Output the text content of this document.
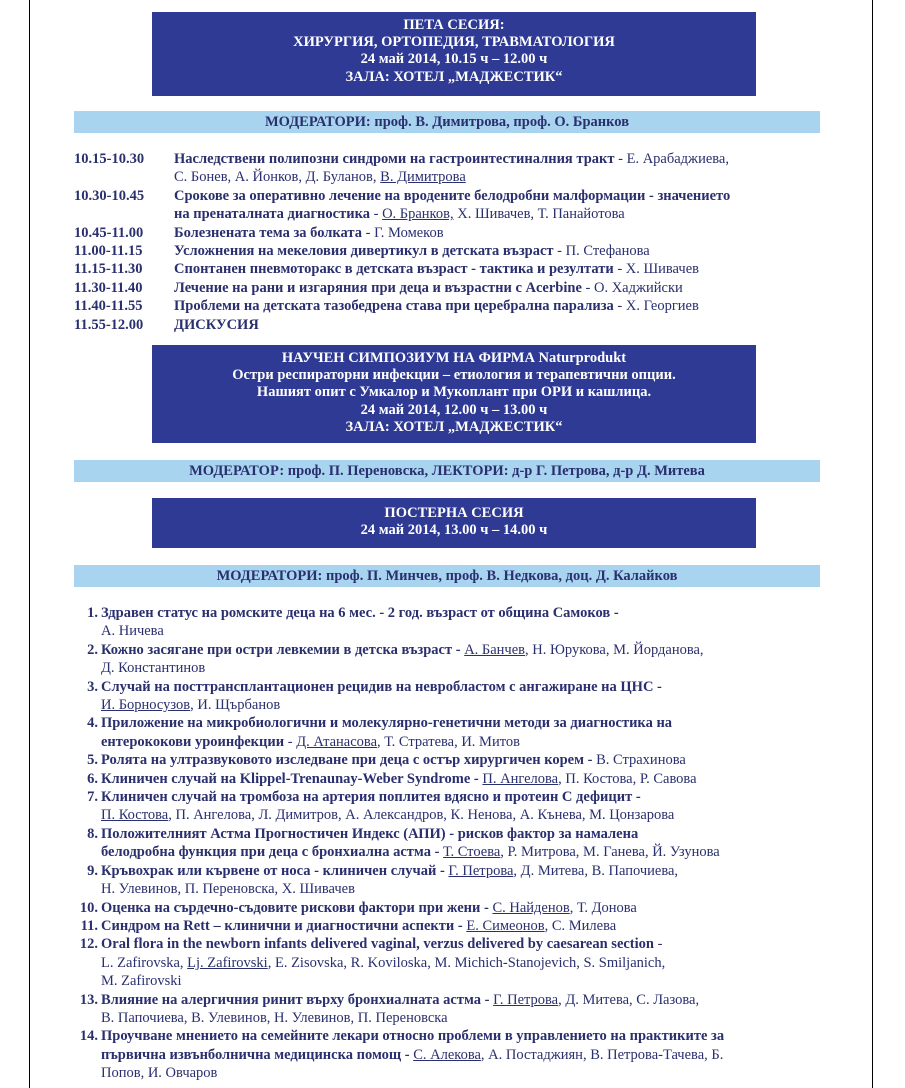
ПЕТА СЕСИЯ:
ХИРУРГИЯ, ОРТОПЕДИЯ, ТРАВМАТОЛОГИЯ
24 май 2014, 10.15 ч – 12.00 ч
ЗАЛА: ХОТЕЛ „МАДЖЕСТИК“
МОДЕРАТОРИ: проф. В. Димитрова, проф. О. Бранков
10.15-10.30	Наследствени полипозни синдроми на гастроинтестиналния тракт - Е. Арабаджиева,
С. Бонев, А. Йонков, Д. Буланов, В. Димитрова
10.30-10.45	Срокове за оперативно лечение на вродените белодробни малформации - значението
на пренаталната диагностика - О. Бранков, Х. Шивачев, Т. Панайотова
10.45-11.00	Болезнената тема за болката - Г. Момеков
11.00-11.15	Усложнения на мекеловия дивертикул в детската възраст - П. Стефанова
11.15-11.30	Спонтанен пневмоторакс в детската възраст - тактика и резултати - Х. Шивачев
11.30-11.40	Лечение на рани и изгаряния при деца и възрастни с Acerbine - О. Хаджийски
11.40-11.55	Проблеми на детската тазобедрена става при церебрална парализа - Х. Георгиев
11.55-12.00	ДИСКУСИЯ
НАУЧЕН СИМПОЗИУМ НА ФИРМА Naturprodukt
Остри респираторни инфекции – етиология и терапевтични опции.
Нашият опит с Умкалор и Мукоплант при ОРИ и кашлица.
24 май 2014, 12.00 ч – 13.00 ч
ЗАЛА: ХОТЕЛ „МАДЖЕСТИК“
МОДЕРАТОР: проф. П. Переновска, ЛЕКТОРИ: д-р Г. Петрова, д-р Д. Митева
ПОСТЕРНА СЕСИЯ
24 май 2014, 13.00 ч – 14.00 ч
МОДЕРАТОРИ: проф. П. Минчев, проф. В. Недкова, доц. Д. Калайков
1. Здравен статус на ромските деца на 6 мес. - 2 год. възраст от община Самоков -
А. Ничева
2. Кожно засягане при остри левкемии в детска възраст - А. Банчев, Н. Юрукова, М. Йорданова,
Д. Константинов
3. Случай на посттрансплантационен рецидив на невробластом с ангажиране на ЦНС -
И. Борносузов, И. Щърбанов
4. Приложение на микробиологични и молекулярно-генетични методи за диагностика на
ентерококови уроинфекции - Д. Атанасова, Т. Стратева, И. Митов
5. Ролята на ултразвуковото изследване при деца с остър хирургичен корем - В. Страхинова
6. Клиничен случай на Klippel-Trenaunay-Weber Syndrome - П. Ангелова, П. Костова, Р. Савова
7. Клиничен случай на тромбоза на артерия поплитея вдясно и протеин С дефицит -
П. Костова, П. Ангелова, Л. Димитров, А. Александров, К. Ненова, А. Кънева, М. Цонзарова
8. Положителният Астма Прогностичен Индекс (АПИ) - рисков фактор за намалена
белодробна функция при деца с бронхиална астма - Т. Стоева, Р. Митрова, М. Ганева, Й. Узунова
9. Кръвохрак или кървене от носа - клиничен случай - Г. Петрова, Д. Митева, В. Папочиева,
Н. Улевинов, П. Переновска, Х. Шивачев
10. Оценка на сърдечно-съдовите рискови фактори при жени - С. Найденов, Т. Донова
11. Синдром на Rett – клинични и диагностични аспекти - Е. Симеонов, С. Милева
12. Oral flora in the newborn infants delivered vaginal, verzus delivered by caesarean section -
L. Zafirovska, Lj. Zafirovski, E. Zisovska, R. Koviloska, M. Michich-Stanojevich, S. Smiljanich,
M. Zafirovski
13. Влияние на алергичния ринит върху бронхиалната астма - Г. Петрова, Д. Митева, С. Лазова,
В. Папочиева, В. Улевинов, Н. Улевинов, П. Переновска
14. Проучване мнението на семейните лекари относно проблеми в управлението на практиките за
първична извънболнична медицинска помощ - С. Алекова, А. Постаджиян, В. Петрова-Тачева, Б.
Попов, И. Овчаров
